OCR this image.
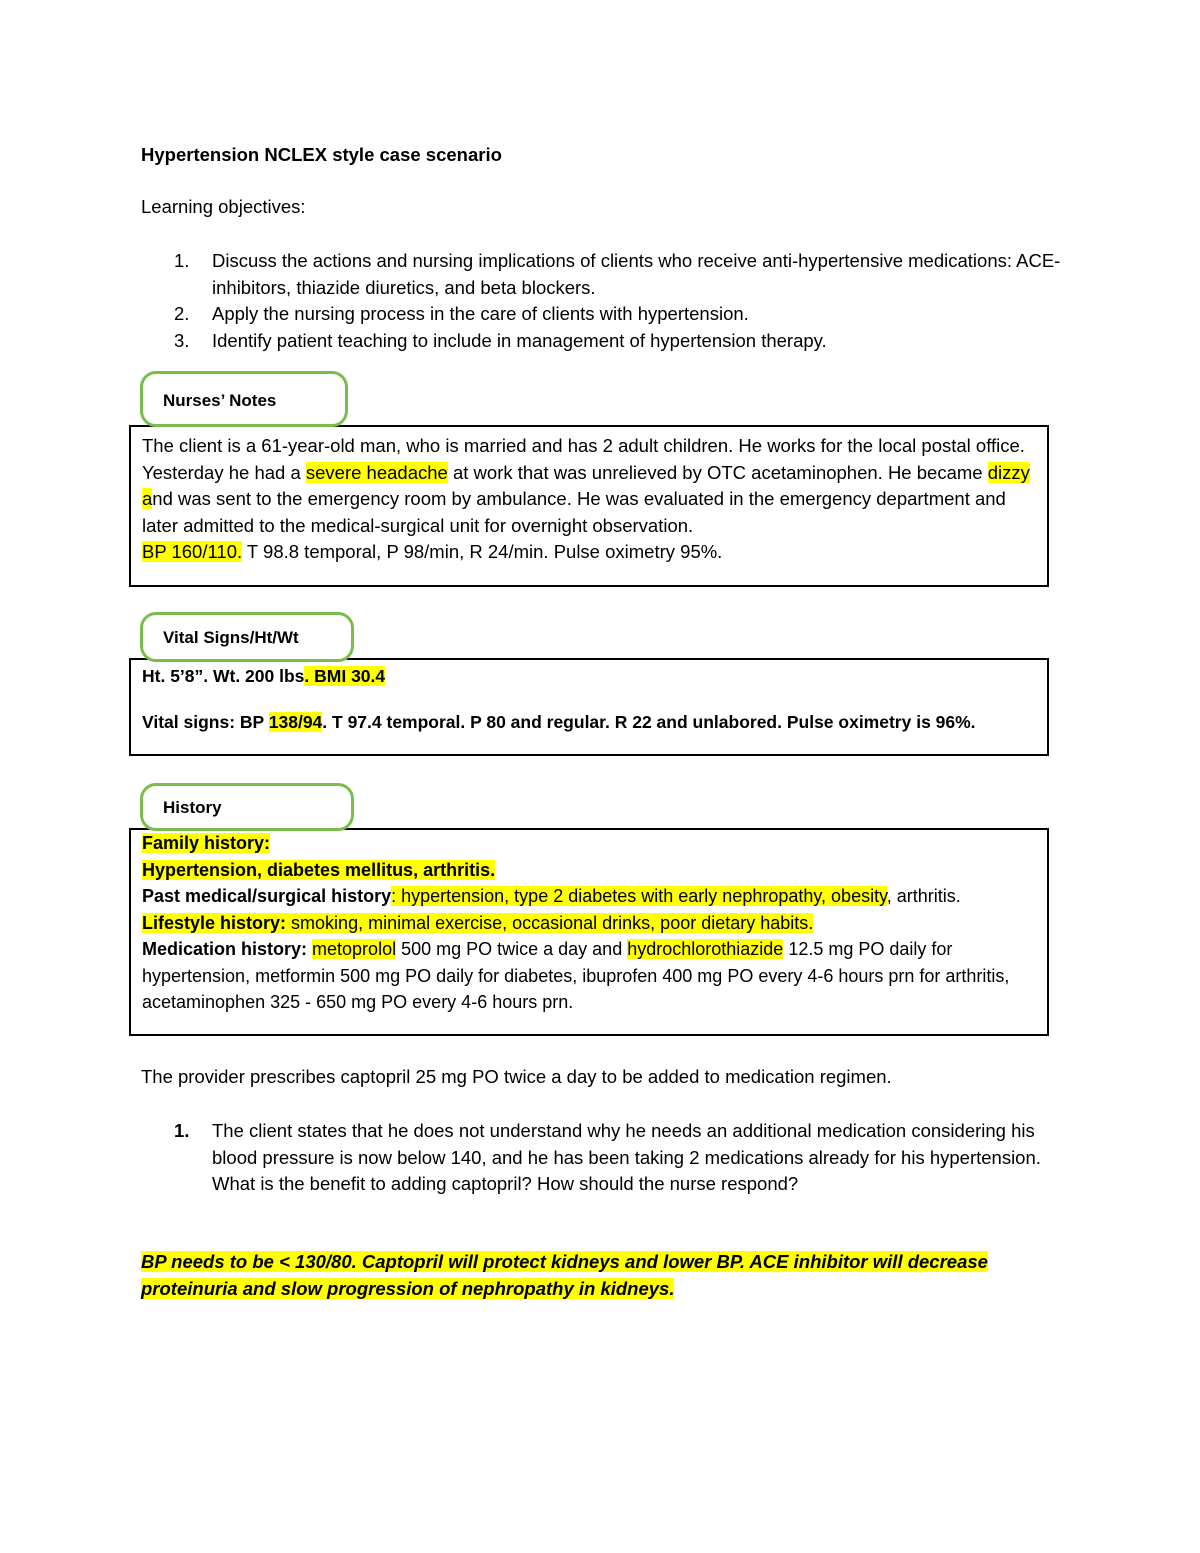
Hypertension NCLEX style case scenario
Learning objectives:
1. Discuss the actions and nursing implications of clients who receive anti-hypertensive medications: ACE-inhibitors, thiazide diuretics, and beta blockers.
2. Apply the nursing process in the care of clients with hypertension.
3. Identify patient teaching to include in management of hypertension therapy.
The client is a 61-year-old man, who is married and has 2 adult children. He works for the local postal office. Yesterday he had a severe headache at work that was unrelieved by OTC acetaminophen. He became dizzy and was sent to the emergency room by ambulance. He was evaluated in the emergency department and later admitted to the medical-surgical unit for overnight observation.
BP 160/110. T 98.8 temporal, P 98/min, R 24/min. Pulse oximetry 95%.
Nurses’ Notes
Ht. 5’8”. Wt. 200 lbs. BMI 30.4
Vital signs: BP 138/94. T 97.4 temporal. P 80 and regular. R 22 and unlabored. Pulse oximetry is 96%.
Vital Signs/Ht/Wt
Family history:
Hypertension, diabetes mellitus, arthritis.
Past medical/surgical history: hypertension, type 2 diabetes with early nephropathy, obesity, arthritis.
Lifestyle history: smoking, minimal exercise, occasional drinks, poor dietary habits.
Medication history: metoprolol 500 mg PO twice a day and hydrochlorothiazide 12.5 mg PO daily for hypertension, metformin 500 mg PO daily for diabetes, ibuprofen 400 mg PO every 4-6 hours prn for arthritis, acetaminophen 325 - 650 mg PO every 4-6 hours prn.
History
The provider prescribes captopril 25 mg PO twice a day to be added to medication regimen.
1. The client states that he does not understand why he needs an additional medication considering his blood pressure is now below 140, and he has been taking 2 medications already for his hypertension. What is the benefit to adding captopril? How should the nurse respond?
BP needs to be < 130/80. Captopril will protect kidneys and lower BP. ACE inhibitor will decrease
proteinuria and slow progression of nephropathy in kidneys.
